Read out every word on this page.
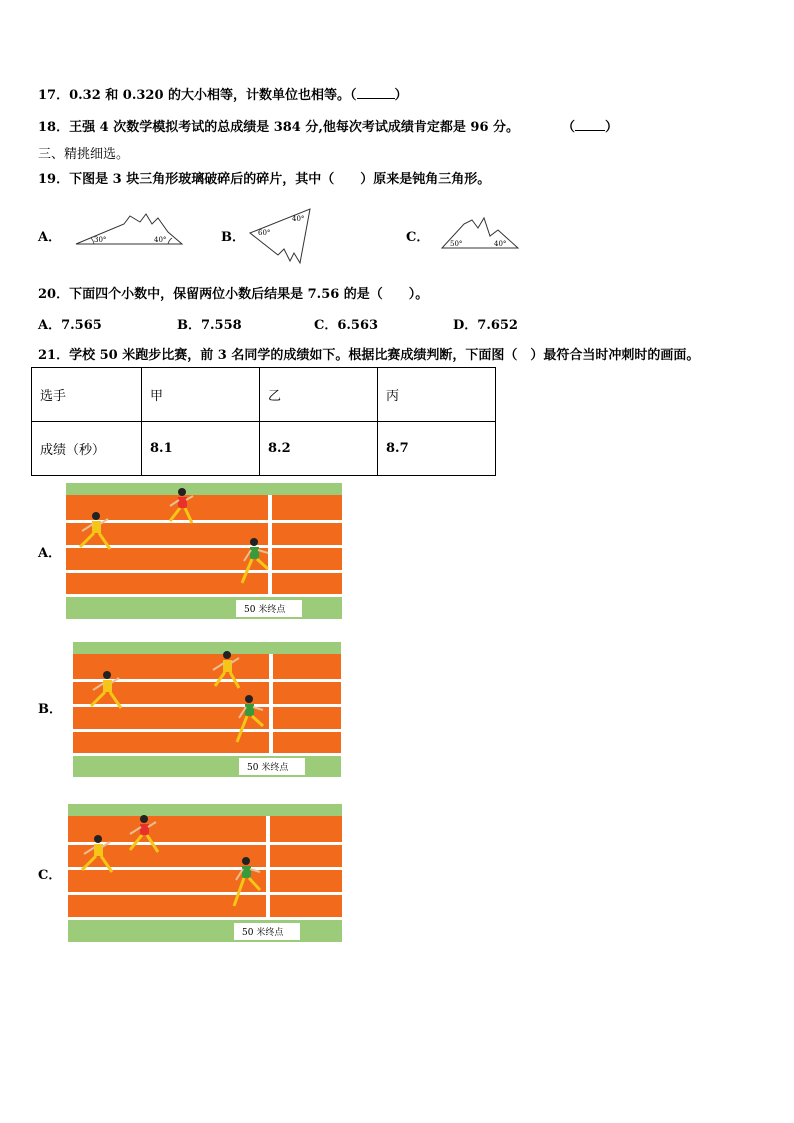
17．0.32 和 0.320 的大小相等，计数单位也相等。（	）
18．王强 4 次数学模拟考试的总成绩是 384 分,他每次考试成绩肯定都是 96 分。	（ ）
三、精挑细选。
19．下图是 3 块三角形玻璃破碎后的碎片，其中（　　）原来是钝角三角形。
A．	30°	40°	B． 60°
40°
C．	50°	40°
20．下面四个小数中，保留两位小数后结果是 7.56 的是（　　）。
A．7.565	B．7.558	C．6.563	D．7.652
21．学校 50 米跑步比赛，前 3 名同学的成绩如下。根据比赛成绩判断，下面图（　）最符合当时冲刺时的画面。
选手	甲	乙	丙
成绩（秒）	8.1	8.2	8.7
A．
50 米终点
B．
50 米终点
C．
50 米终点
